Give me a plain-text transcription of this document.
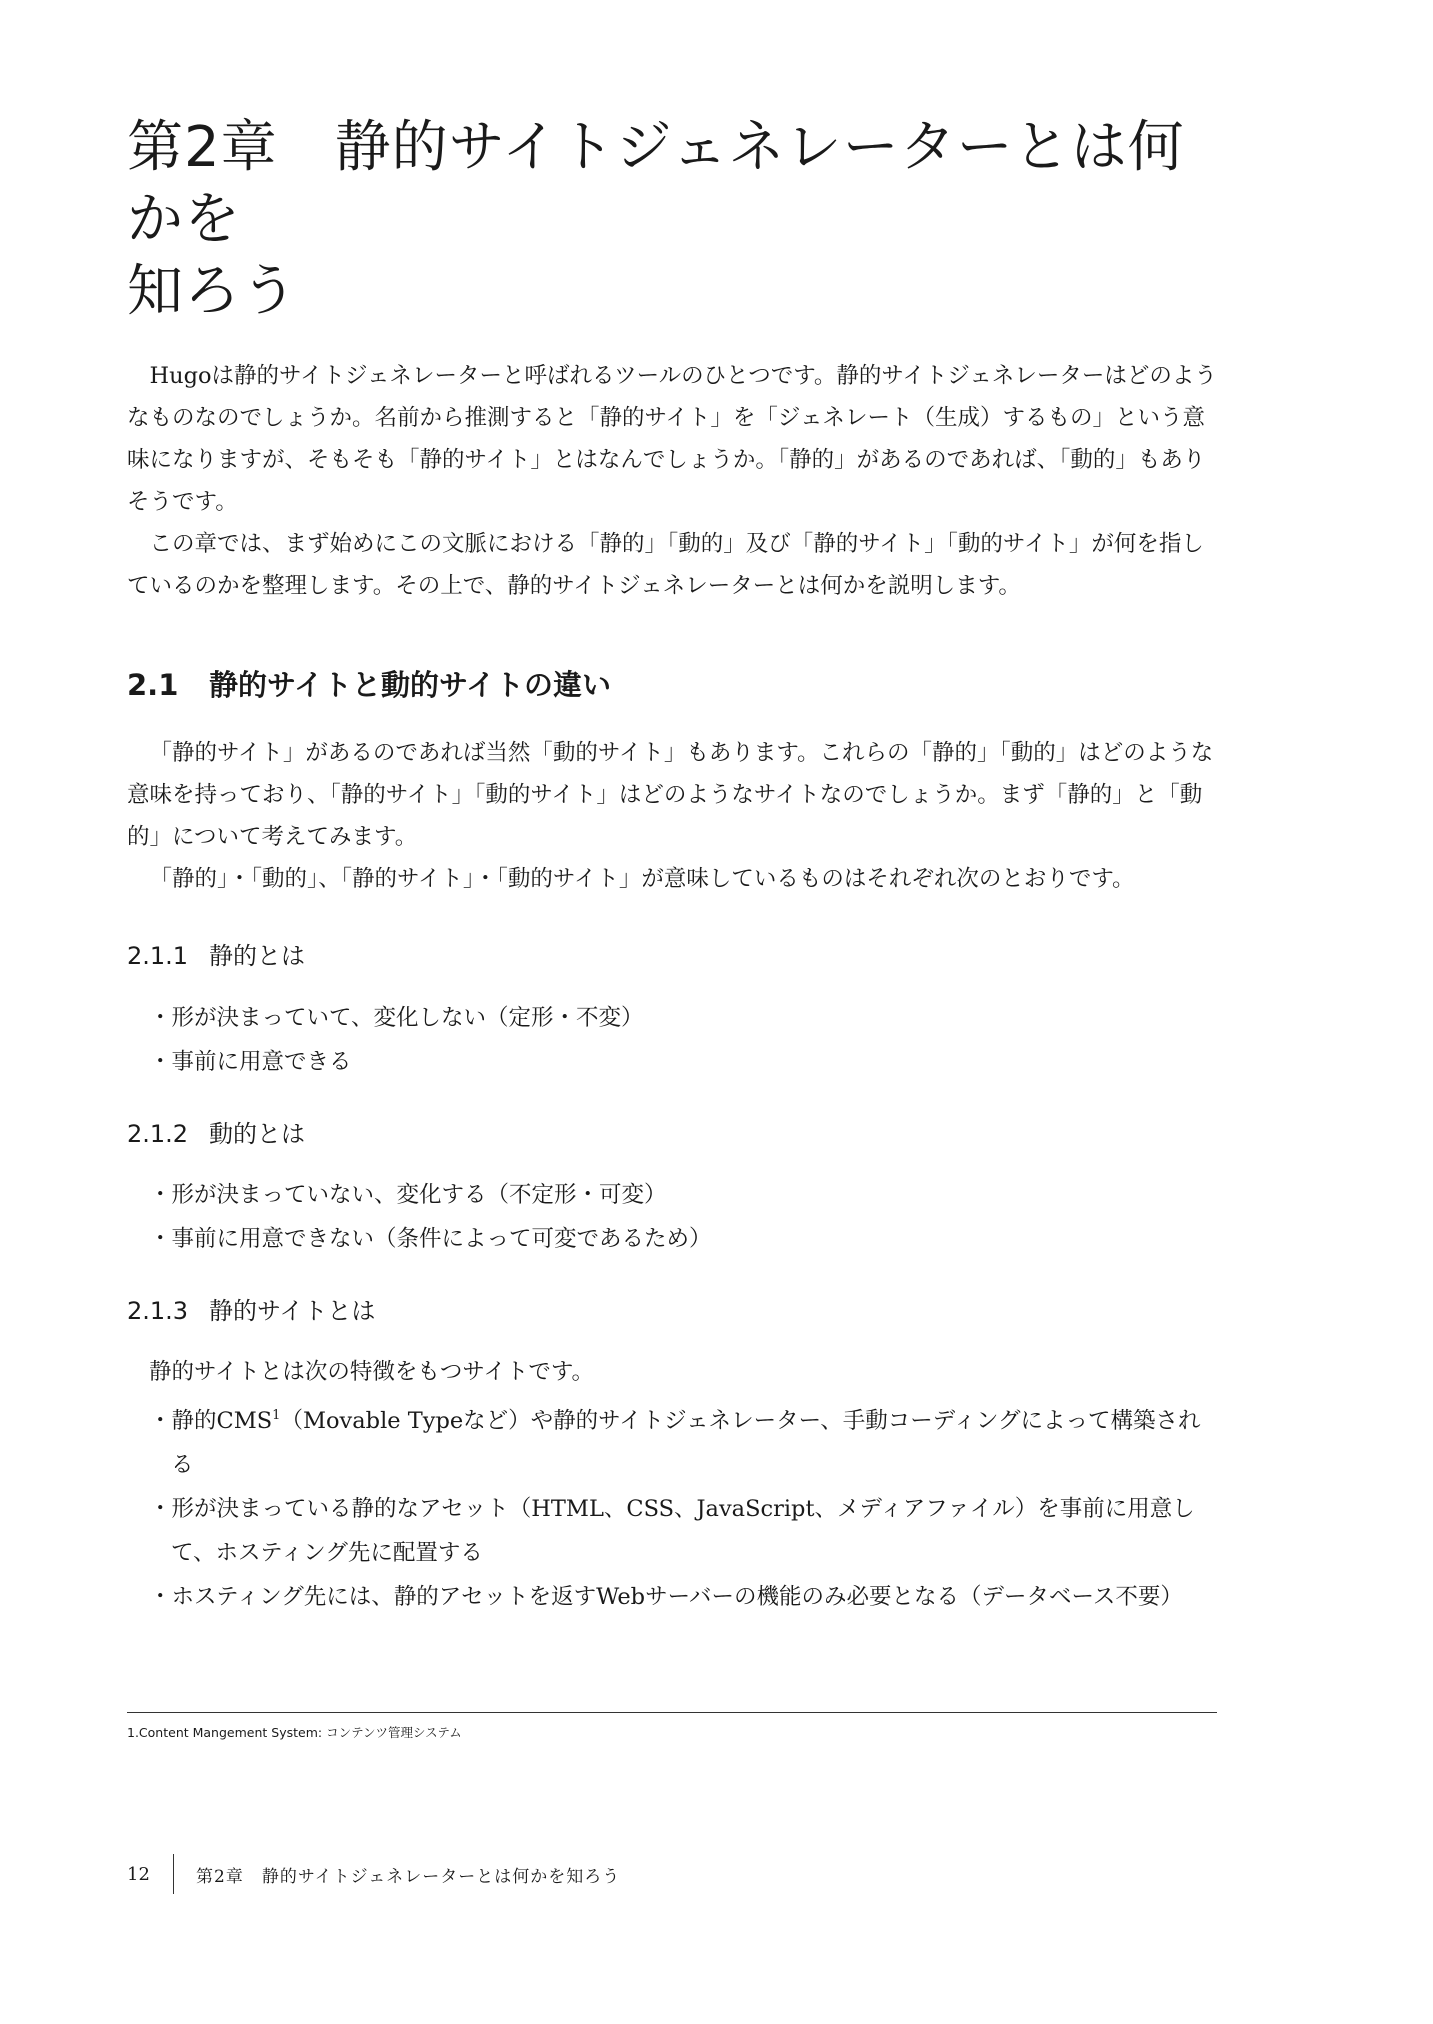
第2章　静的サイトジェネレーターとは何かを
知ろう

Hugoは静的サイトジェネレーターと呼ばれるツールのひとつです。静的サイトジェネレーターはどのようなものなのでしょうか。名前から推測すると「静的サイト」を「ジェネレート（生成）するもの」という意味になりますが、そもそも「静的サイト」とはなんでしょうか。「静的」があるのであれば、「動的」もありそうです。

この章では、まず始めにこの文脈における「静的」「動的」及び「静的サイト」「動的サイト」が何を指しているのかを整理します。その上で、静的サイトジェネレーターとは何かを説明します。

2.1 静的サイトと動的サイトの違い

「静的サイト」があるのであれば当然「動的サイト」もあります。これらの「静的」「動的」はどのような意味を持っており、「静的サイト」「動的サイト」はどのようなサイトなのでしょうか。まず「静的」と「動的」について考えてみます。

「静的」・「動的」、「静的サイト」・「動的サイト」が意味しているものはそれぞれ次のとおりです。

2.1.1 静的とは
・形が決まっていて、変化しない（定形・不変）
・事前に用意できる
2.1.2 動的とは
・形が決まっていない、変化する（不定形・可変）
・事前に用意できない（条件によって可変であるため）
2.1.3 静的サイトとは

静的サイトとは次の特徴をもつサイトです。

・静的CMS$^1$（Movable Typeなど）や静的サイトジェネレーター、手動コーディングによって構築される
・形が決まっている静的なアセット（HTML、CSS、JavaScript、メディアファイル）を事前に用意して、ホスティング先に配置する
・ホスティング先には、静的アセットを返すWebサーバーの機能のみ必要となる（データベース不要）

1.Content Mangement System: コンテンツ管理システム

12	第2章　静的サイトジェネレーターとは何かを知ろう
